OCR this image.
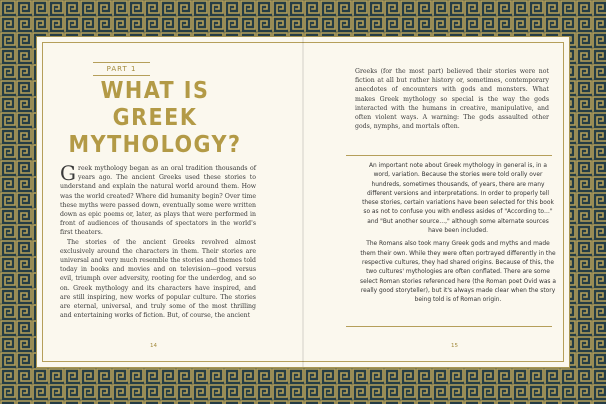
PART 1
WHAT IS GREEK
MYTHOLOGY?

G reek mythology began as an oral tradition thousands of years ago. The ancient Greeks used these stories to understand and explain the natural world around them. How was the world created? Where did humanity begin? Over time these myths were passed down, eventually some were written down as epic poems or, later, as plays that were performed in front of audiences of thousands of spectators in the world's first theaters.

The stories of the ancient Greeks revolved almost exclusively around the characters in them. Their stories are universal and very much resemble the stories and themes told today in books and movies and on television—good versus evil, triumph over adversity, rooting for the underdog, and so on. Greek mythology and its characters have inspired, and are still inspiring, new works of popular culture. The stories are eternal, universal, and truly some of the most thrilling and entertaining works of fiction. But, of course, the ancient

14

Greeks (for the most part) believed their stories were not fiction at all but rather history or, sometimes, contemporary anecdotes of encounters with gods and monsters. What makes Greek mythology so special is the way the gods interacted with the humans in creative, manipulative, and often violent ways. A warning: The gods assaulted other gods, nymphs, and mortals often.

An important note about Greek mythology in general is, in a word, variation. Because the stories were told orally over hundreds, sometimes thousands, of years, there are many different versions and interpretations. In order to properly tell these stories, certain variations have been selected for this book so as not to confuse you with endless asides of "According to…" and "But another source…," although some alternate sources have been included.

The Romans also took many Greek gods and myths and made them their own. While they were often portrayed differently in the respective cultures, they had shared origins. Because of this, the two cultures' mythologies are often conflated. There are some select Roman stories referenced here (the Roman poet Ovid was a really good storyteller), but it's always made clear when the story being told is of Roman origin.

15
